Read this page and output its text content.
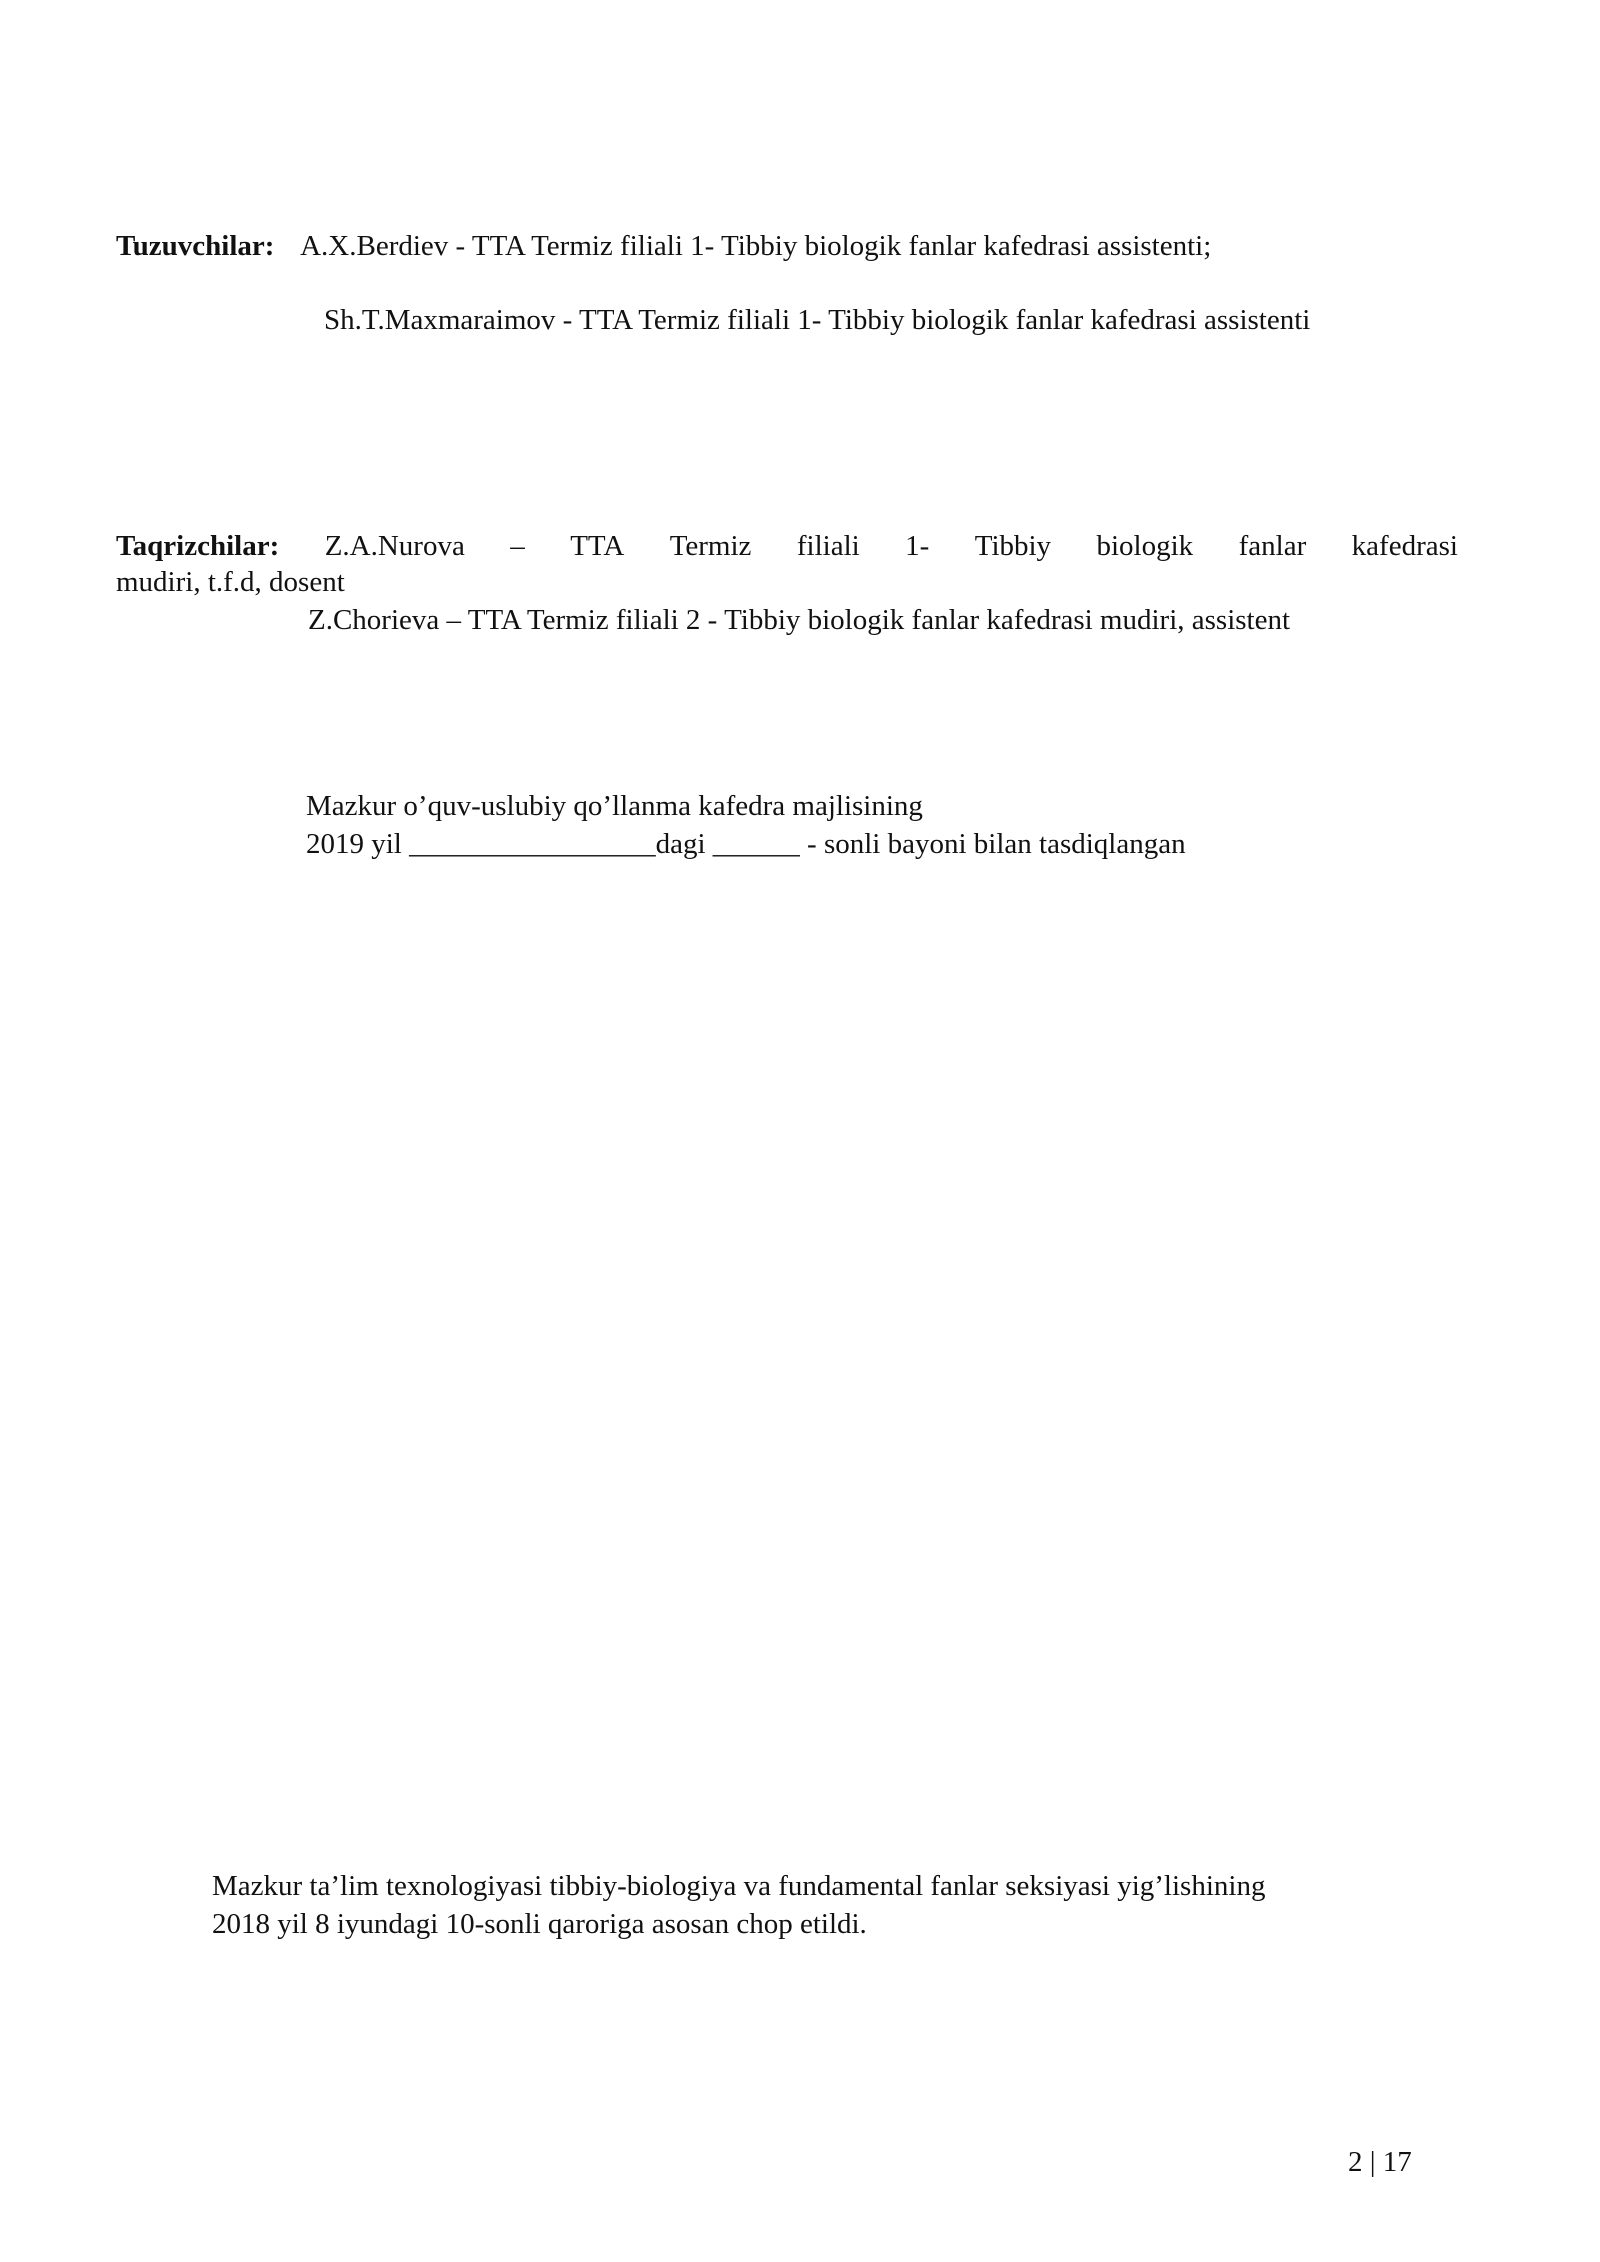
Tuzuvchilar: A.X.Berdiev - TTA Termiz filiali 1- Tibbiy biologik fanlar kafedrasi assistenti;
Sh.T.Maxmaraimov - TTA Termiz filiali 1- Tibbiy biologik fanlar kafedrasi assistenti
Taqrizchilar: Z.A.Nurova – TTA Termiz filiali 1- Tibbiy biologik fanlar kafedrasi
mudiri, t.f.d, dosent
Z.Chorieva – TTA Termiz filiali 2 - Tibbiy biologik fanlar kafedrasi mudiri, assistent
Mazkur o’quv-uslubiy qo’llanma kafedra majlisining
2019 yil _________________dagi ______ - sonli bayoni bilan tasdiqlangan
Mazkur ta’lim texnologiyasi tibbiy-biologiya va fundamental fanlar seksiyasi yig’lishining
2018 yil 8 iyundagi 10-sonli qaroriga asosan chop etildi.
2 | 17
